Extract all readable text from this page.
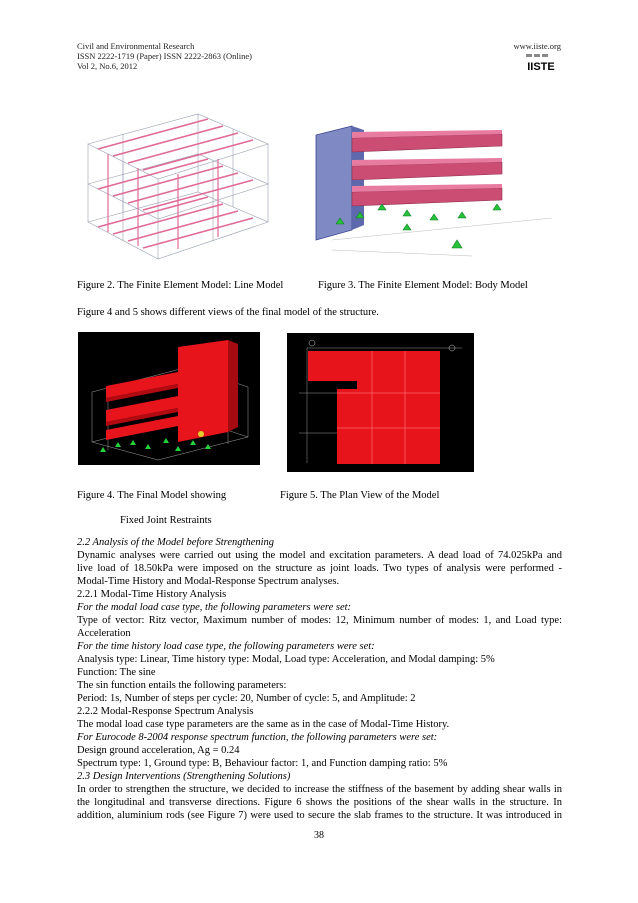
Civil and Environmental Research
ISSN 2222-1719 (Paper) ISSN 2222-2863 (Online)
Vol 2, No.6, 2012
www.iiste.org
IISTE
Figure 2. The Finite Element Model: Line Model	Figure 3. The Finite Element Model: Body Model
Figure 4 and 5 shows different views of the final model of the structure.
Figure 4. The Final Model showing	Figure 5. The Plan View of the Model
Fixed Joint Restraints
2.2 Analysis of the Model before Strengthening
Dynamic analyses were carried out using the model and excitation parameters. A dead load of 74.025kPa and
live load of 18.50kPa were imposed on the structure as joint loads. Two types of analysis were performed -
Modal-Time History and Modal-Response Spectrum analyses.
2.2.1 Modal-Time History Analysis
For the modal load case type, the following parameters were set:
Type of vector: Ritz vector, Maximum number of modes: 12, Minimum number of modes: 1, and Load type:
Acceleration
For the time history load case type, the following parameters were set:
Analysis type: Linear, Time history type: Modal, Load type: Acceleration, and Modal damping: 5%
Function: The sine
The sin function entails the following parameters:
Period: 1s, Number of steps per cycle: 20, Number of cycle: 5, and Amplitude: 2
2.2.2 Modal-Response Spectrum Analysis
The modal load case type parameters are the same as in the case of Modal-Time History.
For Eurocode 8-2004 response spectrum function, the following parameters were set:
Design ground acceleration, Ag = 0.24
Spectrum type: 1, Ground type: B, Behaviour factor: 1, and Function damping ratio: 5%
2.3 Design Interventions (Strengthening Solutions)
In order to strengthen the structure, we decided to increase the stiffness of the basement by adding shear walls in
the longitudinal and transverse directions. Figure 6 shows the positions of the shear walls in the structure. In
addition, aluminium rods (see Figure 7) were used to secure the slab frames to the structure. It was introduced in
38
